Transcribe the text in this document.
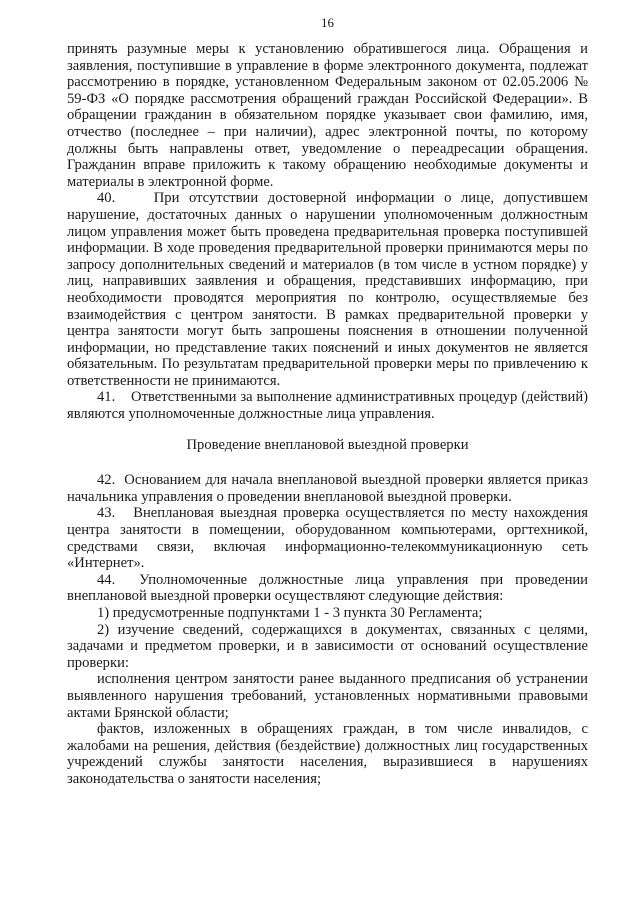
16

принять разумные меры к установлению обратившегося лица. Обращения и заявления, поступившие в управление в форме электронного документа, подлежат рассмотрению в порядке, установленном Федеральным законом от 02.05.2006 № 59-ФЗ «О порядке рассмотрения обращений граждан Российской Федерации». В обращении гражданин в обязательном порядке указывает свои фамилию, имя, отчество (последнее – при наличии), адрес электронной почты, по которому должны быть направлены ответ, уведомление о переадресации обращения. Гражданин вправе приложить к такому обращению необходимые документы и материалы в электронной форме.

40.    При отсутствии достоверной информации о лице, допустившем нарушение, достаточных данных о нарушении уполномоченным должностным лицом управления может быть проведена предварительная проверка поступившей информации. В ходе проведения предварительной проверки принимаются меры по запросу дополнительных сведений и материалов (в том числе в устном порядке) у лиц, направивших заявления и обращения, представивших информацию, при необходимости проводятся мероприятия по контролю, осуществляемые без взаимодействия с центром занятости. В рамках предварительной проверки у центра занятости могут быть запрошены пояснения в отношении полученной информации, но представление таких пояснений и иных документов не является обязательным. По результатам предварительной проверки меры по привлечению к ответственности не принимаются.

41.    Ответственными за выполнение административных процедур (действий) являются уполномоченные должностные лица управления.

Проведение внеплановой выездной проверки

42.  Основанием для начала внеплановой выездной проверки является приказ начальника управления о проведении внеплановой выездной проверки.

43.   Внеплановая выездная проверка осуществляется по месту нахождения центра занятости в помещении, оборудованном компьютерами, оргтехникой, средствами связи, включая информационно-телекоммуникационную сеть «Интернет».

44.  Уполномоченные должностные лица управления при проведении внеплановой выездной проверки осуществляют следующие действия:

1) предусмотренные подпунктами 1 - 3 пункта 30 Регламента;

2) изучение сведений, содержащихся в документах, связанных с целями, задачами и предметом проверки, и в зависимости от оснований осуществление проверки:

исполнения центром занятости ранее выданного предписания об устранении выявленного нарушения требований, установленных нормативными правовыми актами Брянской области;

фактов, изложенных в обращениях граждан, в том числе инвалидов, с жалобами на решения, действия (бездействие) должностных лиц государственных учреждений службы занятости населения, выразившиеся в нарушениях законодательства о занятости населения;
